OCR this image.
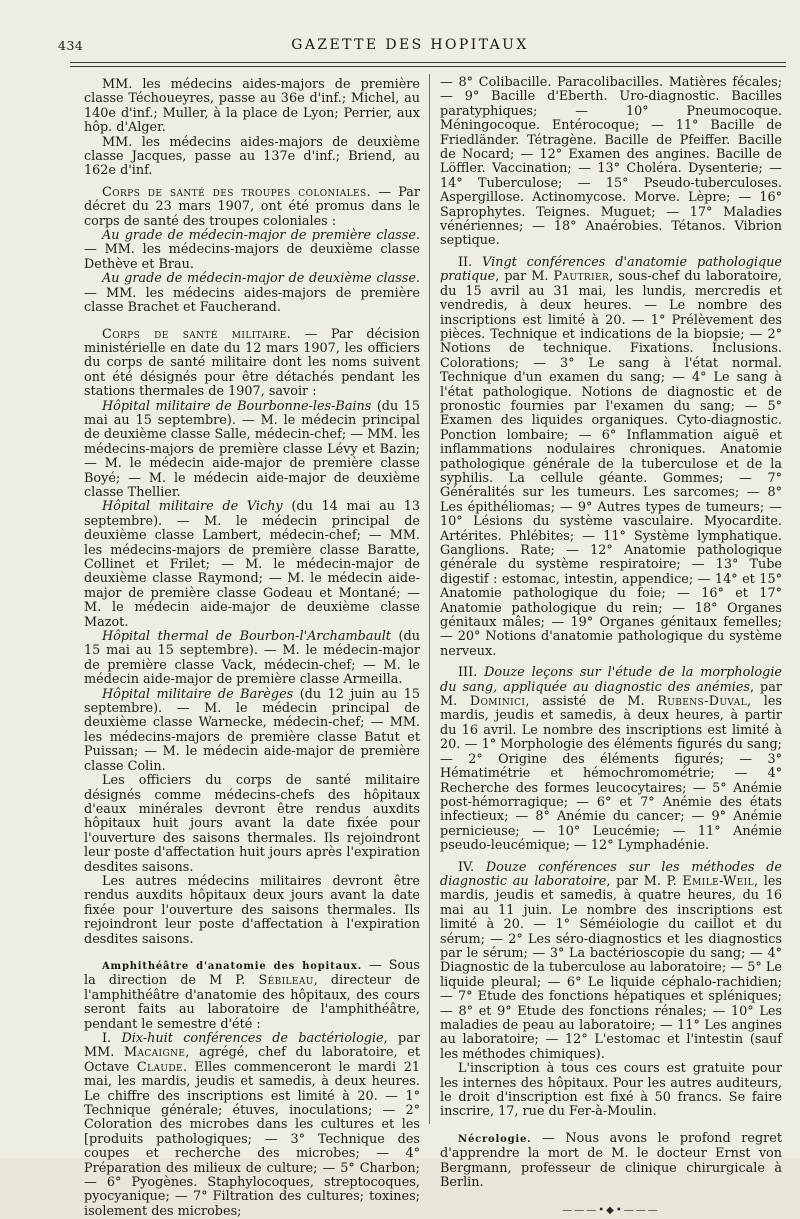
434	GAZETTE DES HOPITAUX

MM. les médecins aides-majors de première classe Téchoueyres, passe au 36e d'inf.; Michel, au 140e d'inf.; Muller, à la place de Lyon; Perrier, aux hôp. d'Alger.

MM. les médecins aides-majors de deuxième classe Jacques, passe au 137e d'inf.; Briend, au 162e d'inf.

Corps de santé des troupes coloniales. — Par décret du 23 mars 1907, ont été promus dans le corps de santé des troupes coloniales :

Au grade de médecin-major de première classe. — MM. les médecins-majors de deuxième classe Dethève et Brau.

Au grade de médecin-major de deuxième classe. — MM. les médecins aides-majors de première classe Brachet et Faucherand.

Corps de santé militaire. — Par décision ministérielle en date du 12 mars 1907, les officiers du corps de santé militaire dont les noms suivent ont été désignés pour être détachés pendant les stations thermales de 1907, savoir :

Hôpital militaire de Bourbonne-les-Bains (du 15 mai au 15 septembre). — M. le médecin principal de deuxième classe Salle, médecin-chef; — MM. les médecins-majors de première classe Lévy et Bazin; — M. le médecin aide-major de première classe Boyé; — M. le médecin aide-major de deuxième classe Thellier.

Hôpital militaire de Vichy (du 14 mai au 13 septembre). — M. le médecin principal de deuxième classe Lambert, médecin-chef; — MM. les médecins-majors de première classe Baratte, Collinet et Frilet; — M. le médecin-major de deuxième classe Raymond; — M. le médecin aide-major de première classe Godeau et Montané; — M. le médecin aide-major de deuxième classe Mazot.

Hôpital thermal de Bourbon-l'Archambault (du 15 mai au 15 septembre). — M. le médecin-major de première classe Vack, médecin-chef; — M. le médecin aide-major de première classe Armeilla.

Hôpital militaire de Barèges (du 12 juin au 15 septembre). — M. le médecin principal de deuxième classe Warnecke, médecin-chef; — MM. les médecins-majors de première classe Batut et Puissan; — M. le médecin aide-major de première classe Colin.

Les officiers du corps de santé militaire désignés comme médecins-chefs des hôpitaux d'eaux minérales devront être rendus auxdits hôpitaux huit jours avant la date fixée pour l'ouverture des saisons thermales. Ils rejoindront leur poste d'affectation huit jours après l'expiration desdites saisons.

Les autres médecins militaires devront être rendus auxdits hôpitaux deux jours avant la date fixée pour l'ouverture des saisons thermales. Ils rejoindront leur poste d'affectation à l'expiration desdites saisons.

Amphithéâtre d'anatomie des hopitaux. — Sous la direction de M P. Sébileau, directeur de l'amphithéâtre d'anatomie des hôpitaux, des cours seront faits au laboratoire de l'amphithéâtre, pendant le semestre d'été :

I. Dix-huit conférences de bactériologie, par MM. Macaigne, agrégé, chef du laboratoire, et Octave Claude. Elles commenceront le mardi 21 mai, les mardis, jeudis et samedis, à deux heures. Le chiffre des inscriptions est limité à 20. — 1° Technique générale; étuves, inoculations; — 2° Coloration des microbes dans les cultures et les [produits pathologiques; — 3° Technique des coupes et recherche des microbes; — 4° Préparation des milieux de culture; — 5° Charbon; — 6° Pyogènes. Staphylocoques, streptocoques, pyocyanique; — 7° Filtration des cultures; toxines; isolement des microbes;

— 8° Colibacille. Paracolibacilles. Matières fécales; — 9° Bacille d'Eberth. Uro-diagnostic. Bacilles paratyphiques; — 10° Pneumocoque. Méningocoque. Entérocoque; — 11° Bacille de Friedländer. Tétragène. Bacille de Pfeiffer. Bacille de Nocard; — 12° Examen des angines. Bacille de Löffler. Vaccination; — 13° Choléra. Dysenterie; — 14° Tuberculose; — 15° Pseudo-tuberculoses. Aspergillose. Actinomycose. Morve. Lèpre; — 16° Saprophytes. Teignes. Muguet; — 17° Maladies vénériennes; — 18° Anaérobies. Tétanos. Vibrion septique.

II. Vingt conférences d'anatomie pathologique pratique, par M. Pautrier, sous-chef du laboratoire, du 15 avril au 31 mai, les lundis, mercredis et vendredis, à deux heures. — Le nombre des inscriptions est limité à 20. — 1° Prélèvement des pièces. Technique et indications de la biopsie; — 2° Notions de technique. Fixations. Inclusions. Colorations; — 3° Le sang à l'état normal. Technique d'un examen du sang; — 4° Le sang à l'état pathologique. Notions de diagnostic et de pronostic fournies par l'examen du sang; — 5° Examen des liquides organiques. Cyto-diagnostic. Ponction lombaire; — 6° Inflammation aiguë et inflammations nodulaires chroniques. Anatomie pathologique générale de la tuberculose et de la syphilis. La cellule géante. Gommes; — 7° Généralités sur les tumeurs. Les sarcomes; — 8° Les épithéliomas; — 9° Autres types de tumeurs; — 10° Lésions du système vasculaire. Myocardite. Artérites. Phlébites; — 11° Système lymphatique. Ganglions. Rate; — 12° Anatomie pathologique générale du système respiratoire; — 13° Tube digestif : estomac, intestin, appendice; — 14° et 15° Anatomie pathologique du foie; — 16° et 17° Anatomie pathologique du rein; — 18° Organes génitaux mâles; — 19° Organes génitaux femelles; — 20° Notions d'anatomie pathologique du système nerveux.

III. Douze leçons sur l'étude de la morphologie du sang, appliquée au diagnostic des anémies, par M. Dominici, assisté de M. Rubens-Duval, les mardis, jeudis et samedis, à deux heures, à partir du 16 avril. Le nombre des inscriptions est limité à 20. — 1° Morphologie des éléments figurés du sang; — 2° Origine des éléments figurés; — 3° Hématimétrie et hémochromométrie; — 4° Recherche des formes leucocytaires; — 5° Anémie post-hémorragique; — 6° et 7° Anémie des états infectieux; — 8° Anémie du cancer; — 9° Anémie pernicieuse; — 10° Leucémie; — 11° Anémie pseudo-leucémique; — 12° Lymphadénie.

IV. Douze conférences sur les méthodes de diagnostic au laboratoire, par M. P. Emile-Weil, les mardis, jeudis et samedis, à quatre heures, du 16 mai au 11 juin. Le nombre des inscriptions est limité à 20. — 1° Séméiologie du caillot et du sérum; — 2° Les séro-diagnostics et les diagnostics par le sérum; — 3° La bactérioscopie du sang; — 4° Diagnostic de la tuberculose au laboratoire; — 5° Le liquide pleural; — 6° Le liquide céphalo-rachidien; — 7° Etude des fonctions hépatiques et spléniques; — 8° et 9° Etude des fonctions rénales; — 10° Les maladies de peau au laboratoire; — 11° Les angines au laboratoire; — 12° L'estomac et l'intestin (sauf les méthodes chimiques).

L'inscription à tous ces cours est gratuite pour les internes des hôpitaux. Pour les autres auditeurs, le droit d'inscription est fixé à 50 francs. Se faire inscrire, 17, rue du Fer-à-Moulin.

Nécrologie. — Nous avons le profond regret d'apprendre la mort de M. le docteur Ernst von Bergmann, professeur de clinique chirurgicale à Berlin.

———•◆•———
